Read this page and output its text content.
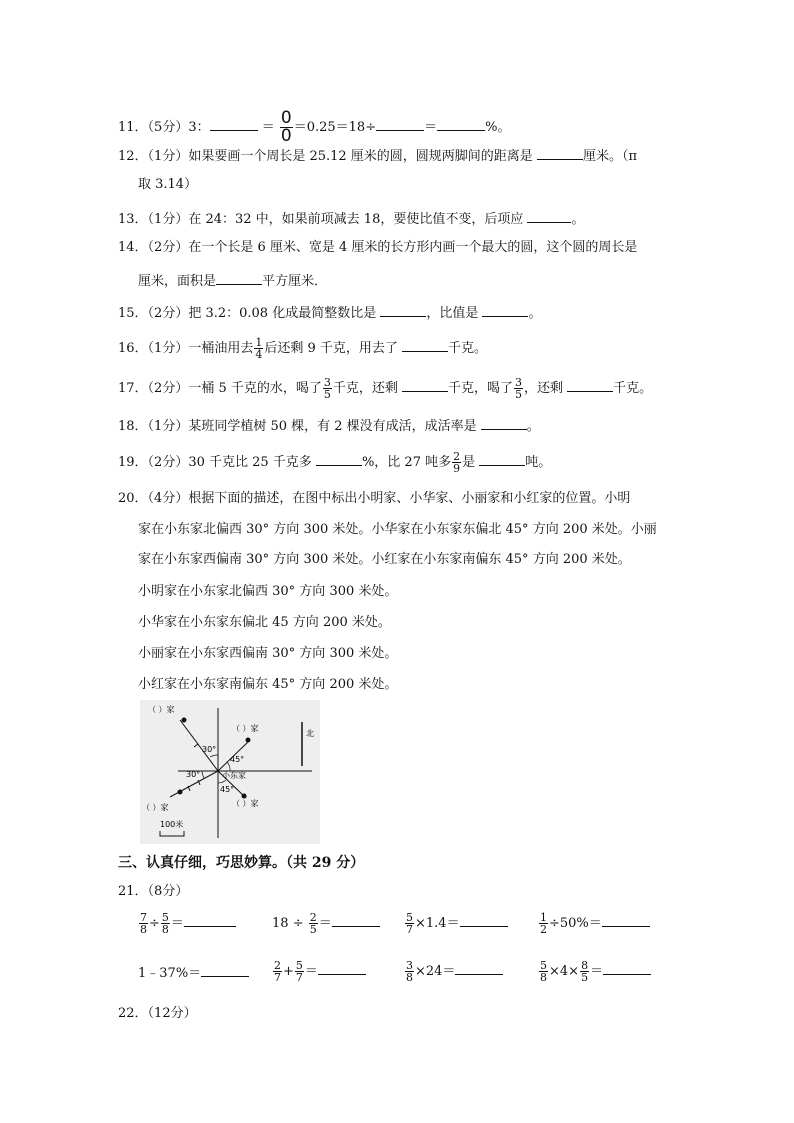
11．（5分）3：	＝ $\frac{0}{0} =0.25=18\div$	＝	%。
12．（1分）如果要画一个周长是 25.12 厘米的圆，圆规两脚间的距离是	厘米。（π
取 3.14）
13．（1分）在 24：32 中，如果前项减去 18，要使比值不变，后项应	。
14．（2分）在一个长是 6 厘米、宽是 4 厘米的长方形内画一个最大的圆，这个圆的周长是
厘米，面积是	平方厘米．
15．（2分）把 3.2：0.08 化成最简整数比是	，比值是	。
16．（1分）一桶油用去 $\frac{1}{4}$ 后还剩 9 千克，用去了	千克。
17．（2分）一桶 5 千克的水，喝了 $\frac{3}{5}$ 千克，还剩	千克，喝了 $\frac{3}{5}$ ，还剩	千克。
18．（1分）某班同学植树 50 棵，有 2 棵没有成活，成活率是	。
19．（2分）30 千克比 25 千克多	%，比 27 吨多 $\frac{2}{9}$ 是	吨。
20．（4分）根据下面的描述，在图中标出小明家、小华家、小丽家和小红家的位置。小明
家在小东家北偏西 30° 方向 300 米处。小华家在小东家东偏北 45° 方向 200 米处。小丽
家在小东家西偏南 30° 方向 300 米处。小红家在小东家南偏东 45° 方向 200 米处。
小明家在小东家北偏西 30° 方向 300 米处。
小华家在小东家东偏北 45 方向 200 米处。
小丽家在小东家西偏南 30° 方向 300 米处。
小红家在小东家南偏东 45° 方向 200 米处。
北
30°
30°
45°
45°
小东家
（ ）家
（ ）家
（ ）家	（ ）家
100米
三、认真仔细，巧思妙算。（共 29 分）
21．（8分）
$\frac{7}{8} \div \frac{5}{8}$ ＝	$18 \div \frac{2}{5}$ ＝	$\frac{5}{7} \times 1.4=$	$\frac{1}{2} \div 50\%=$
1﹣37%＝	$\frac{2}{7} + \frac{5}{7}$ ＝	$\frac{3}{8} \times 24=$	$\frac{5}{8} \times 4\times \frac{8}{5}$ ＝
22．（12分）
